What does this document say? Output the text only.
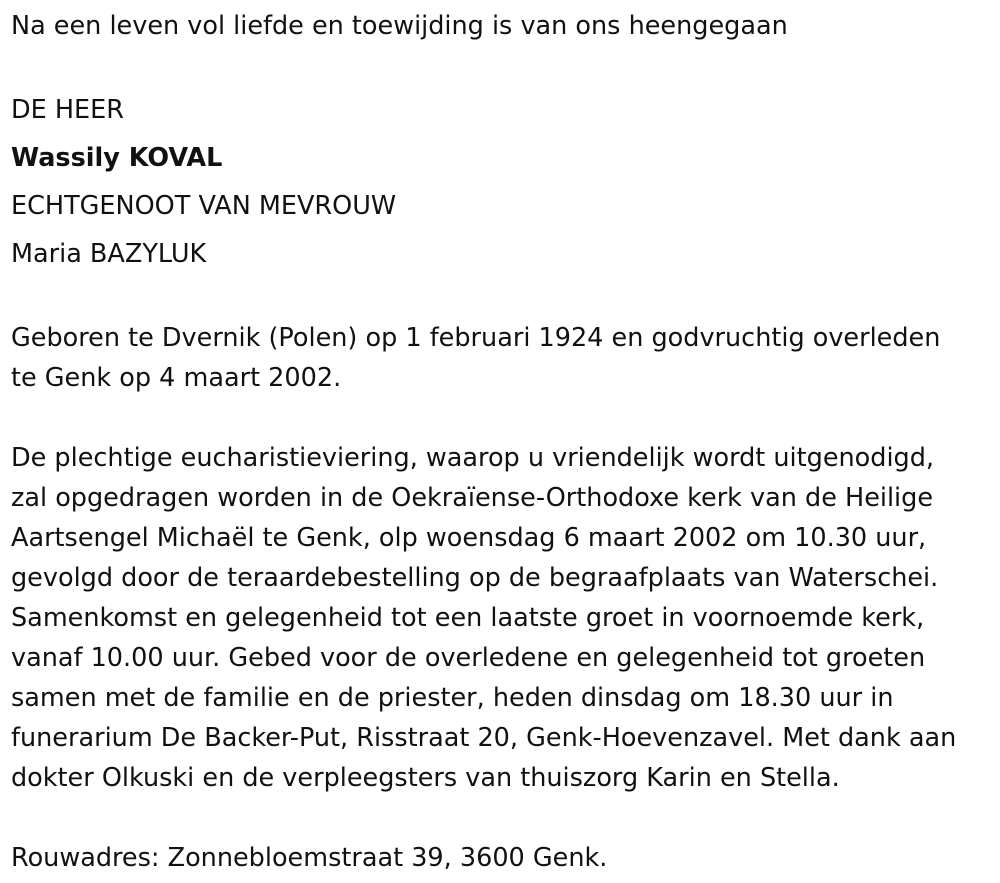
Na een leven vol liefde en toewijding is van ons heengegaan
DE HEER
Wassily KOVAL
ECHTGENOOT VAN MEVROUW
Maria BAZYLUK
Geboren te Dvernik (Polen) op 1 februari 1924 en godvruchtig overleden
te Genk op 4 maart 2002.
De plechtige eucharistieviering, waarop u vriendelijk wordt uitgenodigd,
zal opgedragen worden in de Oekraïense-Orthodoxe kerk van de Heilige
Aartsengel Michaël te Genk, olp woensdag 6 maart 2002 om 10.30 uur,
gevolgd door de teraardebestelling op de begraafplaats van Waterschei.
Samenkomst en gelegenheid tot een laatste groet in voornoemde kerk,
vanaf 10.00 uur. Gebed voor de overledene en gelegenheid tot groeten
samen met de familie en de priester, heden dinsdag om 18.30 uur in
funerarium De Backer-Put, Risstraat 20, Genk-Hoevenzavel. Met dank aan
dokter Olkuski en de verpleegsters van thuiszorg Karin en Stella.
Rouwadres: Zonnebloemstraat 39, 3600 Genk.
